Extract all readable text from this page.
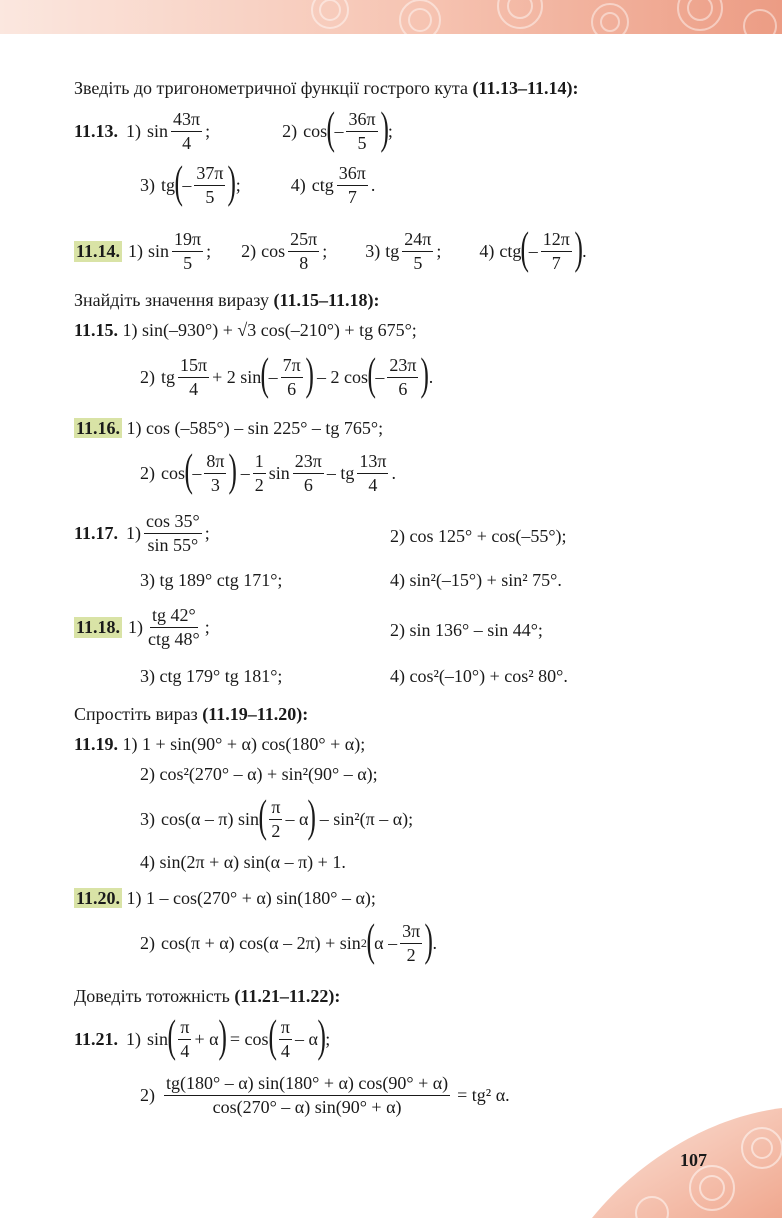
Зведіть до тригонометричної функції гострого кута (11.13–11.14):
11.13. 1) $\sin \frac{43\pi}{4}$ ;	2) cos ( – $\frac{36\pi}{5}$ ) ;
3) tg ( – $\frac{37\pi}{5}$ ) ;	4) ctg $\frac{36\pi}{7}$ .
11.14. 1) $\sin \frac{19\pi}{5}$ ; 2) $\cos \frac{25\pi}{8}$ ; 3) tg $\frac{24\pi}{5}$ ; 4) ctg ( – $\frac{12\pi}{7}$ ) .
Знайдіть значення виразу (11.15–11.18):
11.15. 1) sin(–930°) + √3 cos(–210°) + tg 675°;
2) tg $\frac{15\pi}{4} + 2$ sin ( – $\frac{7\pi}{6}$ ) – 2 cos ( – $\frac{23\pi}{6}$ ) .
11.16. 1) cos (–585°) – sin 225° – tg 765°;
2) cos ( – $\frac{8\pi}{3}$ ) – $\frac{1}{2}$ $\sin \frac{23\pi}{6}$ – tg $\frac{13\pi}{4}$ .
11.17. $1) \frac{\cos 35^\circ}{\sin 55^\circ}$ ;	2) cos 125° + cos(–55°);
3) tg 189° ctg 171°;	4) sin²(–15°) + sin² 75°.
11.18. $1) \frac{tg 42^\circ}{\text{ctg 48°}}$ ;	2) sin 136° – sin 44°;
3) ctg 179° tg 181°;	4) cos²(–10°) + cos² 80°.
Спростіть вираз (11.19–11.20):
11.19. 1) 1 + sin(90° + α) cos(180° + α);
2) cos²(270° – α) + sin²(90° – α);
3) cos(α – π) sin ( $\frac{\pi}{2}$ – α ) – sin²(π – α);
4) sin(2π + α) sin(α – π) + 1.
11.20. 1) 1 – cos(270° + α) sin(180° – α);
2) cos(π + α) cos(α – 2π) + sin 2 ( α – $\frac{3\pi}{2}$ ) .
Доведіть тотожність (11.21–11.22):
11.21. 1) sin ( $\frac{\pi}{4} + \alpha$ ) = cos ( $\frac{\pi}{4}$ – α ) ;
$2) \frac{tg(180^\circ - \alpha) \sin(180^\circ + \alpha) \cos(90^\circ + \alpha)}{\cos(270^\circ - \alpha) \sin(90^\circ + \alpha)} = tg^2$ α.
107
